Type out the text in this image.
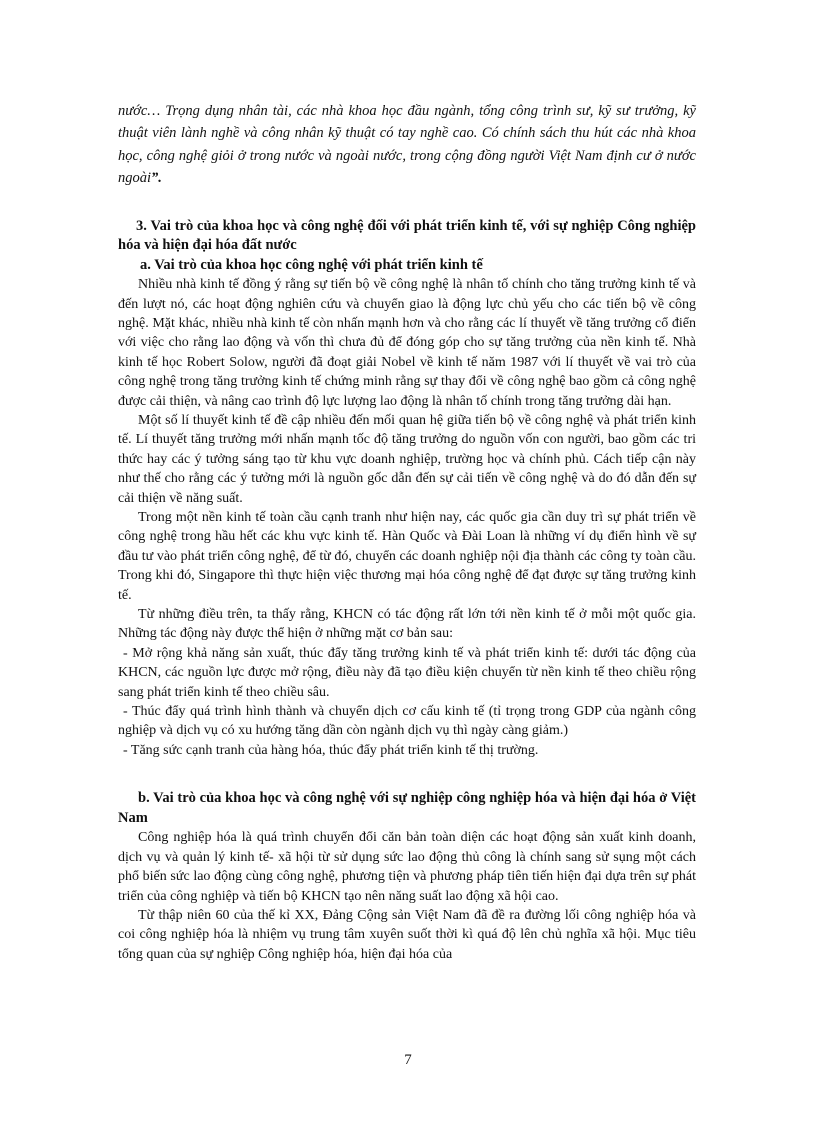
nước… Trọng dụng nhân tài, các nhà khoa học đầu ngành, tổng công trình sư, kỹ sư trưởng, kỹ thuật viên lành nghề và công nhân kỹ thuật có tay nghề cao. Có chính sách thu hút các nhà khoa học, công nghệ giỏi ở trong nước và ngoài nước, trong cộng đồng người Việt Nam định cư ở nước ngoài”.

3. Vai trò của khoa học và công nghệ đối với phát triển kinh tế, với sự nghiệp Công nghiệp hóa và hiện đại hóa đất nước

a. Vai trò của khoa học công nghệ với phát triển kinh tế

Nhiều nhà kinh tế đồng ý rằng sự tiến bộ về công nghệ là nhân tố chính cho tăng trưởng kinh tế và đến lượt nó, các hoạt động nghiên cứu và chuyển giao là động lực chủ yếu cho các tiến bộ về công nghệ. Mặt khác, nhiều nhà kinh tế còn nhấn mạnh hơn và cho rằng các lí thuyết về tăng trưởng cổ điển với việc cho rằng lao động và vốn thì chưa đủ để đóng góp cho sự tăng trưởng của nền kinh tế. Nhà kinh tế học Robert Solow, người đã đoạt giải Nobel về kinh tế năm 1987 với lí thuyết về vai trò của công nghệ trong tăng trưởng kinh tế chứng minh rằng sự thay đổi về công nghệ bao gồm cả công nghệ được cải thiện, và nâng cao trình độ lực lượng lao động là nhân tố chính trong tăng trưởng dài hạn.

Một số lí thuyết kinh tế đề cập nhiều đến mối quan hệ giữa tiến bộ về công nghệ và phát triển kinh tế. Lí thuyết tăng trưởng mới nhấn mạnh tốc độ tăng trưởng do nguồn vốn con người, bao gồm các tri thức hay các ý tưởng sáng tạo từ khu vực doanh nghiệp, trường học và chính phủ. Cách tiếp cận này như thế cho rằng các ý tưởng mới là nguồn gốc dẫn đến sự cải tiến về công nghệ và do đó dẫn đến sự cải thiện về năng suất.

Trong một nền kinh tế toàn cầu cạnh tranh như hiện nay, các quốc gia cần duy trì sự phát triển về công nghệ trong hầu hết các khu vực kinh tế. Hàn Quốc và Đài Loan là những ví dụ điển hình về sự đầu tư vào phát triển công nghệ, để từ đó, chuyển các doanh nghiệp nội địa thành các công ty toàn cầu. Trong khi đó, Singapore thì thực hiện việc thương mại hóa công nghệ để đạt được sự tăng trưởng kinh tế.

Từ những điều trên, ta thấy rằng, KHCN có tác động rất lớn tới nền kinh tế ở mỗi một quốc gia. Những tác động này được thể hiện ở những mặt cơ bản sau:

- Mở rộng khả năng sản xuất, thúc đẩy tăng trưởng kinh tế và phát triển kinh tế: dưới tác động của KHCN, các nguồn lực được mở rộng, điều này đã tạo điều kiện chuyển từ nền kinh tế theo chiều rộng sang phát triển kinh tế theo chiều sâu.

- Thúc đẩy quá trình hình thành và chuyển dịch cơ cấu kinh tế (tỉ trọng trong GDP của ngành công nghiệp và dịch vụ có xu hướng tăng dần còn ngành dịch vụ thì ngày càng giảm.)

- Tăng sức cạnh tranh của hàng hóa, thúc đẩy phát triển kinh tế thị trường.

b. Vai trò của khoa học và công nghệ với sự nghiệp công nghiệp hóa và hiện đại hóa ở Việt Nam

Công nghiệp hóa là quá trình chuyển đổi căn bản toàn diện các hoạt động sản xuất kinh doanh, dịch vụ và quản lý kinh tế- xã hội từ sử dụng sức lao động thủ công là chính sang sử sụng một cách phổ biến sức lao động cùng công nghệ, phương tiện và phương pháp tiên tiến hiện đại dựa trên sự phát triển của công nghiệp và tiến bộ KHCN tạo nên năng suất lao động xã hội cao.

Từ thập niên 60 của thế kỉ XX, Đảng Cộng sản Việt Nam đã đề ra đường lối công nghiệp hóa và coi công nghiệp hóa là nhiệm vụ trung tâm xuyên suốt thời kì quá độ lên chủ nghĩa xã hội. Mục tiêu tổng quan của sự nghiệp Công nghiệp hóa, hiện đại hóa của

7
